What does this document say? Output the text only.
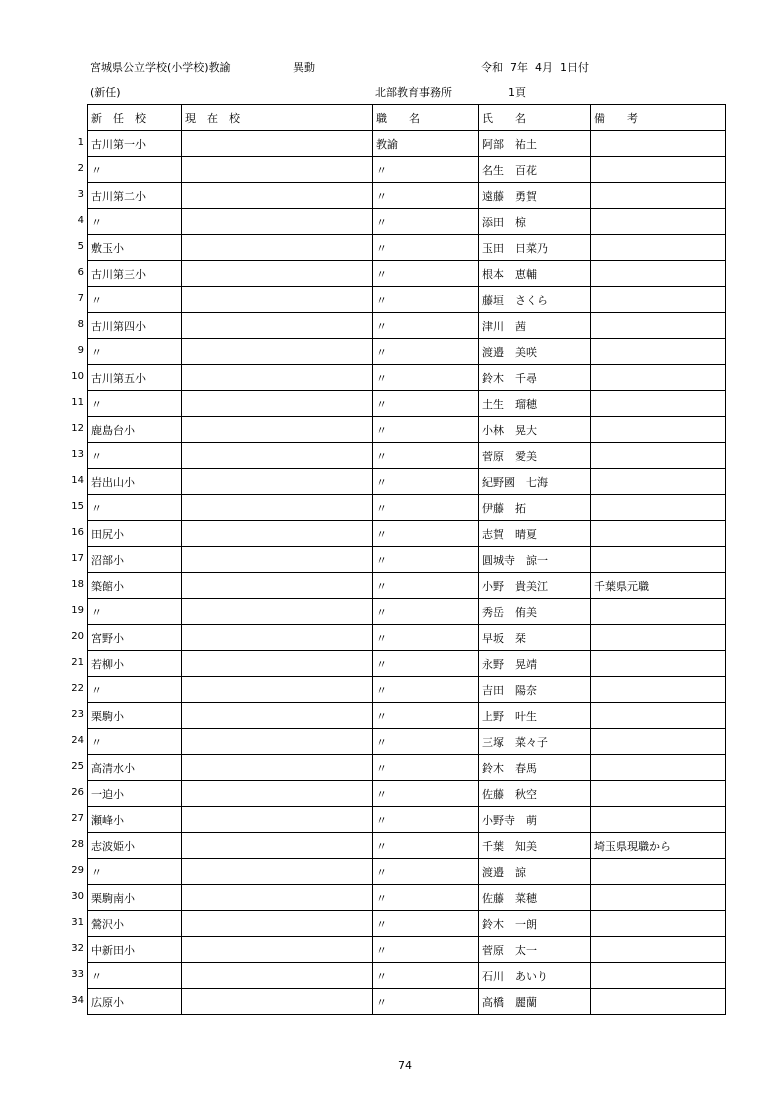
宮城県公立学校(小学校)教諭	異動	令和  7年  4月  1日付
(新任)	北部教育事務所	1頁
1
2
3
4
5
6
7
8
9
10
11
12
13
14
15
16
17
18
19
20
21
22
23
24
25
26
27
28
29
30
31
32
33
34
新　任　校	現　在　校	職　　名	氏　　名	備　　考
古川第一小		教諭	阿部　祐土	
〃		〃	名生　百花	
古川第二小		〃	遠藤　勇賀	
〃		〃	添田　椋	
敷玉小		〃	玉田　日菜乃	
古川第三小		〃	根本　恵輔	
〃		〃	藤垣　さくら	
古川第四小		〃	津川　茜	
〃		〃	渡邉　美咲	
古川第五小		〃	鈴木　千尋	
〃		〃	土生　瑠穂	
鹿島台小		〃	小林　晃大	
〃		〃	菅原　愛美	
岩出山小		〃	紀野國　七海	
〃		〃	伊藤　拓	
田尻小		〃	志賀　晴夏	
沼部小		〃	圓城寺　諒一	
築館小		〃	小野　貴美江	千葉県元職
〃		〃	秀岳　侑美	
宮野小		〃	早坂　栞	
若柳小		〃	永野　晃靖	
〃		〃	吉田　陽奈	
栗駒小		〃	上野　叶生	
〃		〃	三塚　菜々子	
高清水小		〃	鈴木　春馬	
一迫小		〃	佐藤　秋空	
瀬峰小		〃	小野寺　萌	
志波姫小		〃	千葉　知美	埼玉県現職から
〃		〃	渡邉　諒	
栗駒南小		〃	佐藤　菜穂	
鶯沢小		〃	鈴木　一朗	
中新田小		〃	菅原　太一	
〃		〃	石川　あいり	
広原小		〃	高橋　麗蘭	
74
